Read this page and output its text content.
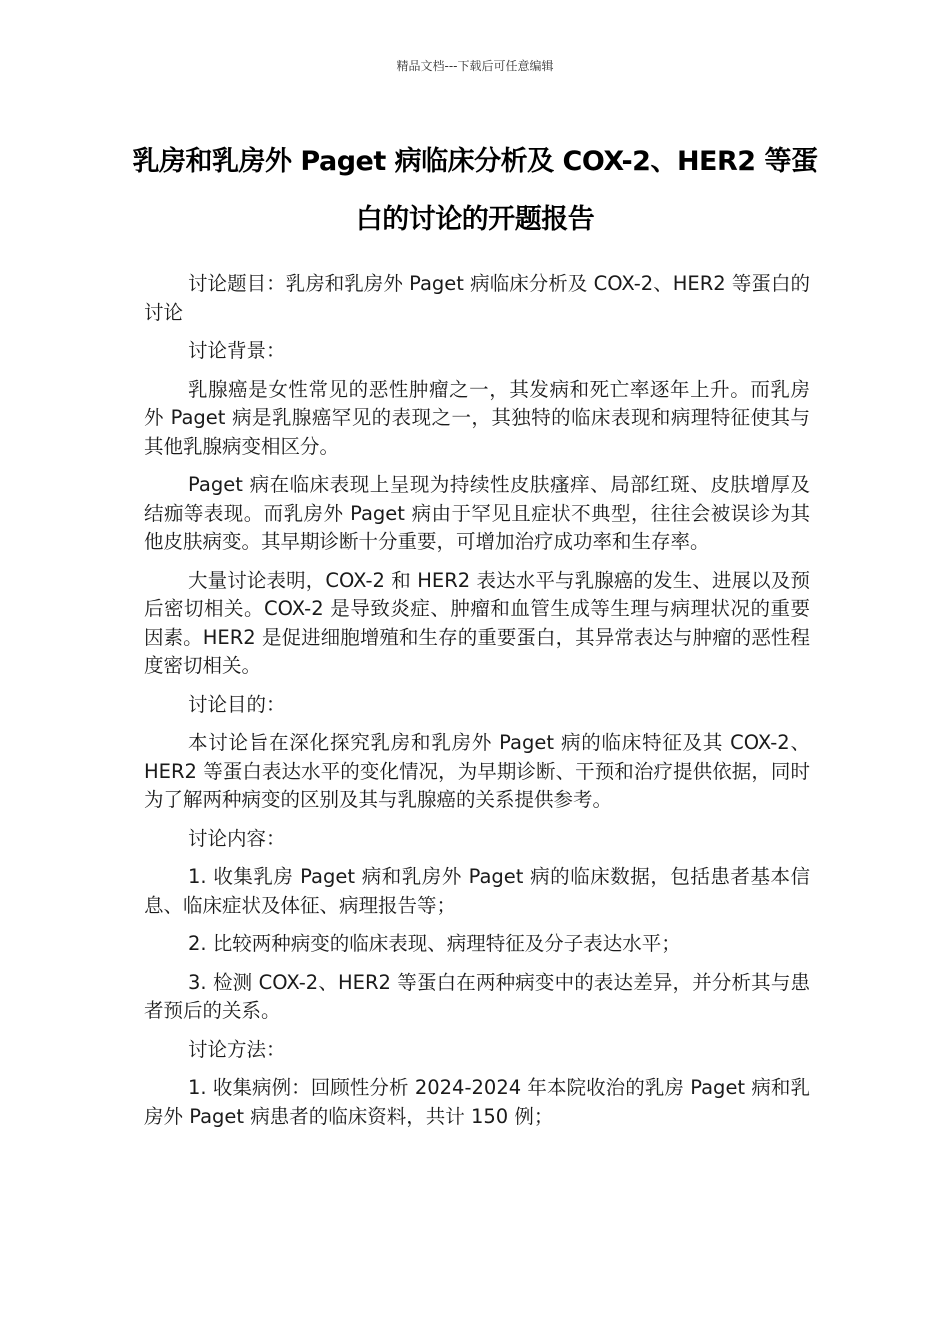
精品文档---下载后可任意编辑
乳房和乳房外 Paget 病临床分析及 COX-2、HER2 等蛋白的讨论的开题报告

讨论题目：乳房和乳房外 Paget 病临床分析及 COX-2、HER2 等蛋白的讨论

讨论背景：

乳腺癌是女性常见的恶性肿瘤之一，其发病和死亡率逐年上升。而乳房外 Paget 病是乳腺癌罕见的表现之一，其独特的临床表现和病理特征使其与其他乳腺病变相区分。

Paget 病在临床表现上呈现为持续性皮肤瘙痒、局部红斑、皮肤增厚及结痂等表现。而乳房外 Paget 病由于罕见且症状不典型，往往会被误诊为其他皮肤病变。其早期诊断十分重要，可增加治疗成功率和生存率。

大量讨论表明，COX-2 和 HER2 表达水平与乳腺癌的发生、进展以及预后密切相关。COX-2 是导致炎症、肿瘤和血管生成等生理与病理状况的重要因素。HER2 是促进细胞增殖和生存的重要蛋白，其异常表达与肿瘤的恶性程度密切相关。

讨论目的：

本讨论旨在深化探究乳房和乳房外 Paget 病的临床特征及其 COX-2、HER2 等蛋白表达水平的变化情况，为早期诊断、干预和治疗提供依据，同时为了解两种病变的区别及其与乳腺癌的关系提供参考。

讨论内容：

1. 收集乳房 Paget 病和乳房外 Paget 病的临床数据，包括患者基本信息、临床症状及体征、病理报告等；

2. 比较两种病变的临床表现、病理特征及分子表达水平；

3. 检测 COX-2、HER2 等蛋白在两种病变中的表达差异，并分析其与患者预后的关系。

讨论方法：

1. 收集病例：回顾性分析 2024-2024 年本院收治的乳房 Paget 病和乳房外 Paget 病患者的临床资料，共计 150 例；
